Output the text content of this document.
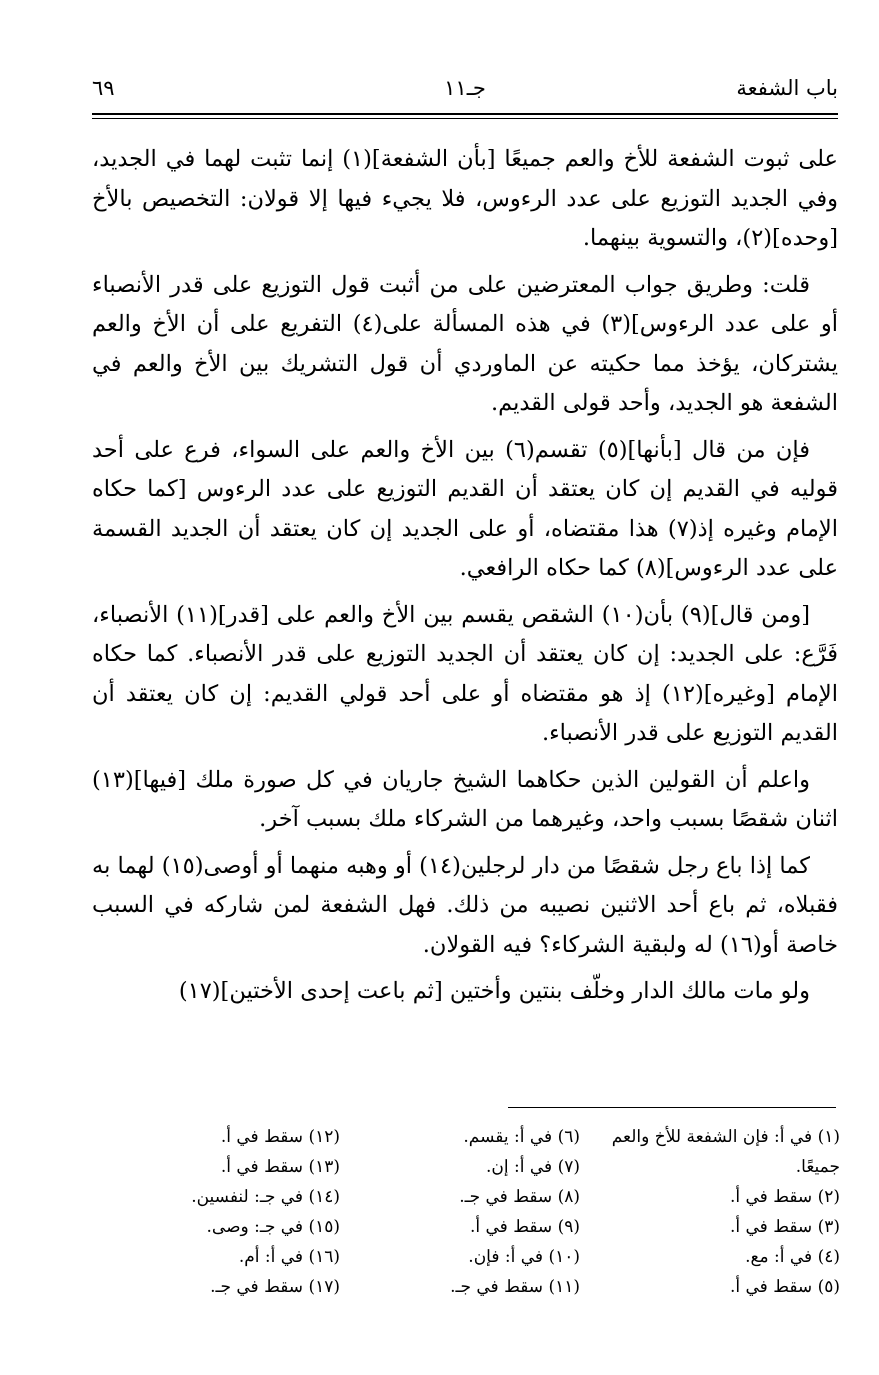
باب الشفعة
جـ١١
٦٩

على ثبوت الشفعة للأخ والعم جميعًا [بأن الشفعة](١) إنما تثبت لهما في الجديد، وفي الجديد التوزيع على عدد الرءوس، فلا يجيء فيها إلا قولان: التخصيص بالأخ [وحده](٢)، والتسوية بينهما.

قلت: وطريق جواب المعترضين على من أثبت قول التوزيع على قدر الأنصباء أو على عدد الرءوس](٣) في هذه المسألة على(٤) التفريع على أن الأخ والعم يشتركان، يؤخذ مما حكيته عن الماوردي أن قول التشريك بين الأخ والعم في الشفعة هو الجديد، وأحد قولى القديم.

فإن من قال [بأنها](٥) تقسم(٦) بين الأخ والعم على السواء، فرع على أحد قوليه في القديم إن كان يعتقد أن القديم التوزيع على عدد الرءوس [كما حكاه الإمام وغيره إذ(٧) هذا مقتضاه، أو على الجديد إن كان يعتقد أن الجديد القسمة على عدد الرءوس](٨) كما حكاه الرافعي.

[ومن قال](٩) بأن(١٠) الشقص يقسم بين الأخ والعم على [قدر](١١) الأنصباء، فَرَّع: على الجديد: إن كان يعتقد أن الجديد التوزيع على قدر الأنصباء. كما حكاه الإمام [وغيره](١٢) إذ هو مقتضاه أو على أحد قولي القديم: إن كان يعتقد أن القديم التوزيع على قدر الأنصباء.

واعلم أن القولين الذين حكاهما الشيخ جاريان في كل صورة ملك [فيها](١٣) اثنان شقصًا بسبب واحد، وغيرهما من الشركاء ملك بسبب آخر.

كما إذا باع رجل شقصًا من دار لرجلين(١٤) أو وهبه منهما أو أوصى(١٥) لهما به فقبلاه، ثم باع أحد الاثنين نصيبه من ذلك. فهل الشفعة لمن شاركه في السبب خاصة أو(١٦) له ولبقية الشركاء؟ فيه القولان.

ولو مات مالك الدار وخلّف بنتين وأختين [ثم باعت إحدى الأختين](١٧)

(١) في أ: فإن الشفعة للأخ والعم جميعًا.
(٢) سقط في أ.
(٣) سقط في أ.
(٤) في أ: مع.
(٥) سقط في أ.
(٦) في أ: يقسم.
(٧) في أ: إن.
(٨) سقط في جـ.
(٩) سقط في أ.
(١٠) في أ: فإن.
(١١) سقط في جـ.
(١٢) سقط في أ.
(١٣) سقط في أ.
(١٤) في جـ: لنفسين.
(١٥) في جـ: وصى.
(١٦) في أ: أم.
(١٧) سقط في جـ.
